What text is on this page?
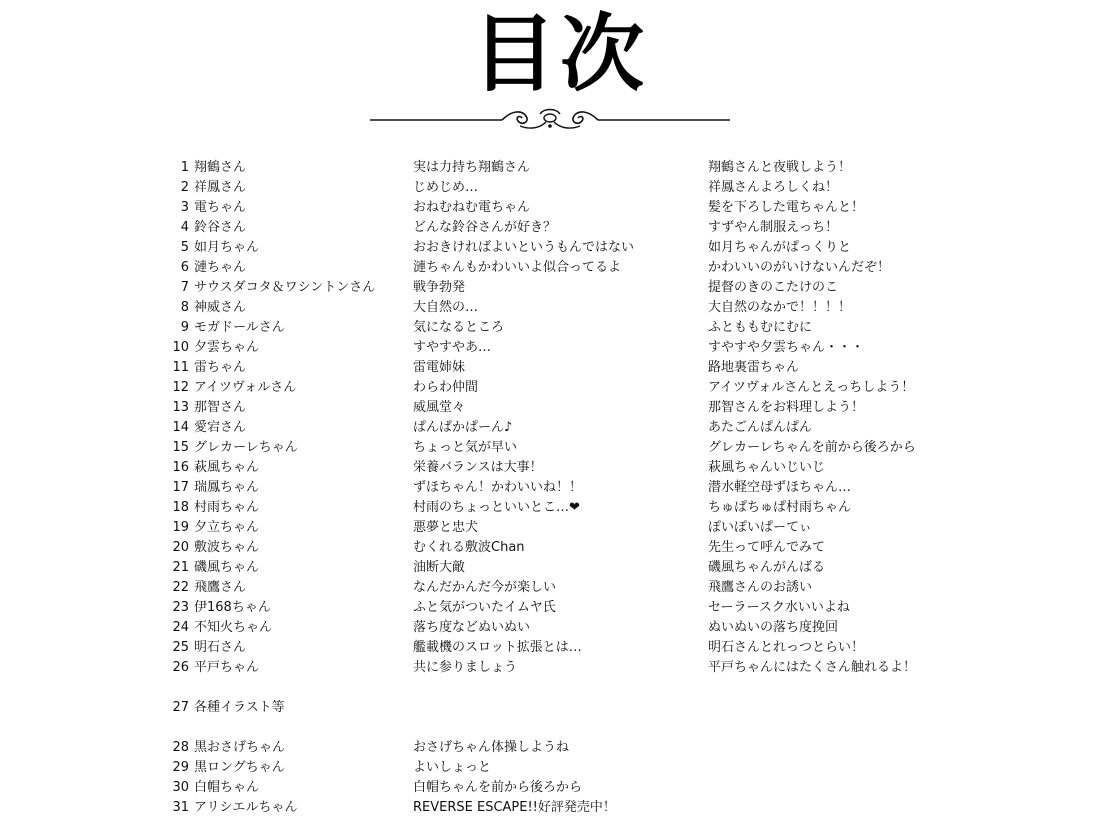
目次
1 翔鶴さん	実は力持ち翔鶴さん	翔鶴さんと夜戦しよう！
2 祥鳳さん	じめじめ…	祥鳳さんよろしくね！
3 電ちゃん	おねむねむ電ちゃん	髪を下ろした電ちゃんと！
4 鈴谷さん	どんな鈴谷さんが好き？	すずやん制服えっち！
5 如月ちゃん	おおきければよいというもんではない	如月ちゃんがぱっくりと
6 漣ちゃん	漣ちゃんもかわいいよ似合ってるよ	かわいいのがいけないんだぞ！
7 サウスダコタ＆ワシントンさん	戦争勃発	提督のきのこたけのこ
8 神威さん	大自然の…	大自然のなかで！！！！
9 モガドールさん	気になるところ	ふとももむにむに
10 夕雲ちゃん	すやすやあ…	すやすや夕雲ちゃん・・・
11 雷ちゃん	雷電姉妹	路地裏雷ちゃん
12 アイツヴォルさん	わらわ仲間	アイツヴォルさんとえっちしよう！
13 那智さん	威風堂々	那智さんをお料理しよう！
14 愛宕さん	ぱんぱかぱーん♪	あたごんぱんぱん
15 グレカーレちゃん	ちょっと気が早い	グレカーレちゃんを前から後ろから
16 萩風ちゃん	栄養バランスは大事！	萩風ちゃんいじいじ
17 瑞鳳ちゃん	ずほちゃん！かわいいね！！	潜水軽空母ずほちゃん…
18 村雨ちゃん	村雨のちょっといいとこ…❤	ちゅぱちゅぱ村雨ちゃん
19 夕立ちゃん	悪夢と忠犬	ぽいぽいぱーてぃ
20 敷波ちゃん	むくれる敷波Chan	先生って呼んでみて
21 磯風ちゃん	油断大敵	磯風ちゃんがんばる
22 飛鷹さん	なんだかんだ今が楽しい	飛鷹さんのお誘い
23 伊168ちゃん	ふと気がついたイムヤ氏	セーラースク水いいよね
24 不知火ちゃん	落ち度などぬいぬい	ぬいぬいの落ち度挽回
25 明石さん	艦載機のスロット拡張とは…	明石さんとれっつとらい！
26 平戸ちゃん	共に参りましょう	平戸ちゃんにはたくさん触れるよ！
27 各種イラスト等
28 黒おさげちゃん	おさげちゃん体操しようね
29 黒ロングちゃん	よいしょっと
30 白帽ちゃん	白帽ちゃんを前から後ろから
31 アリシエルちゃん	REVERSE ESCAPE!!好評発売中！
